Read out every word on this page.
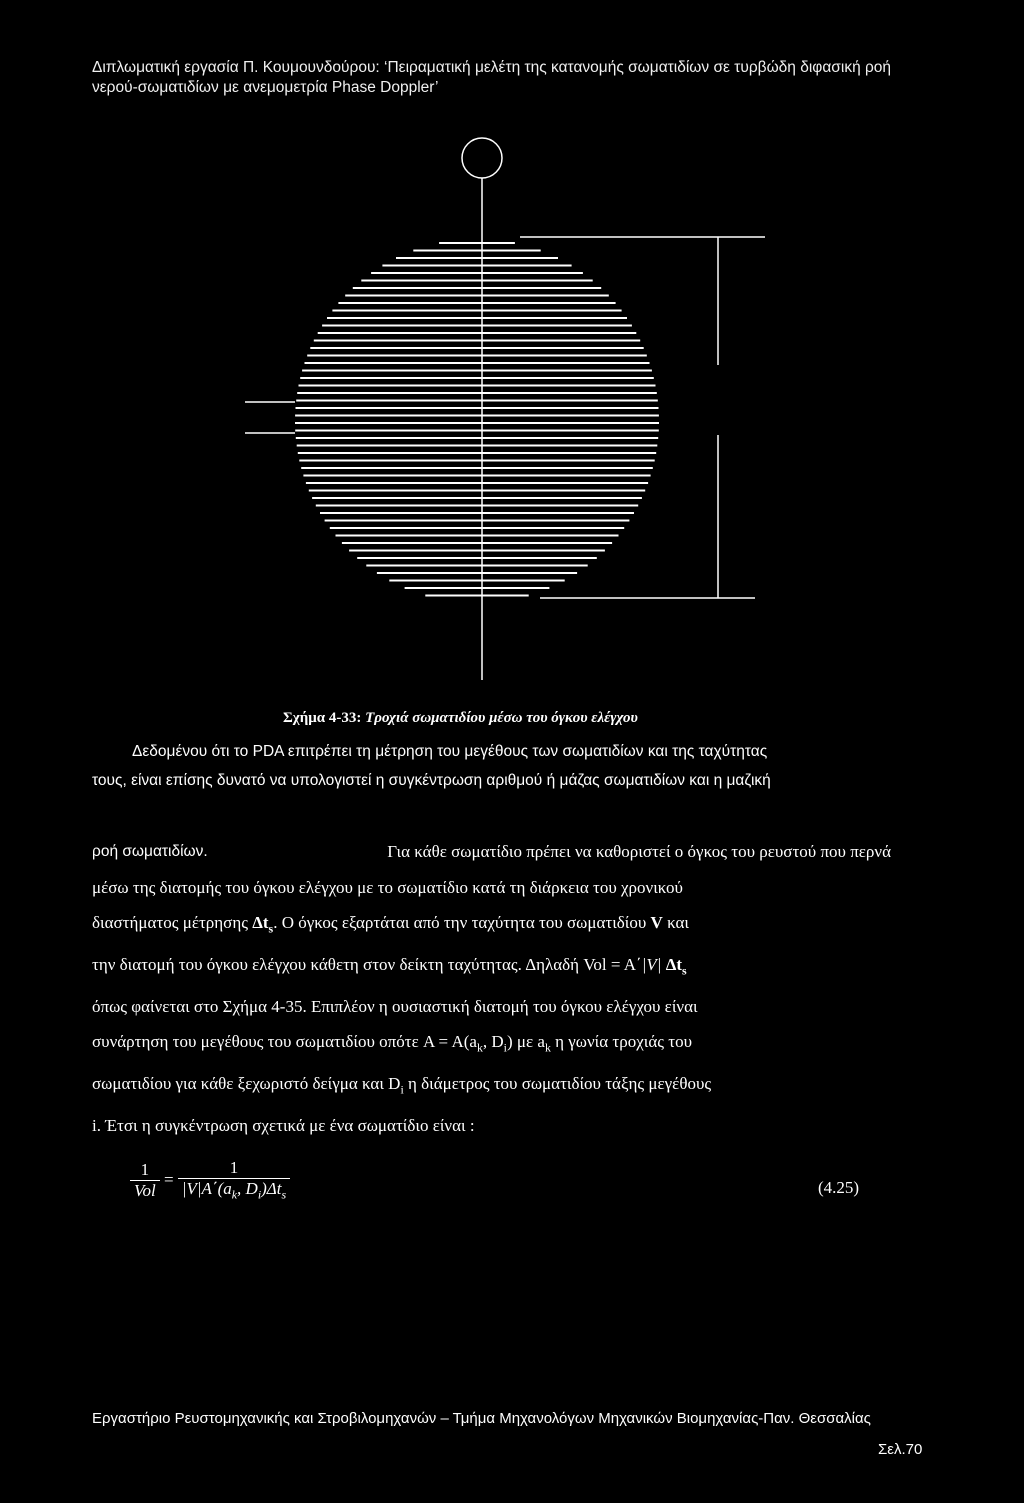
Διπλωματική εργασία Π. Κουμουνδούρου: ‘Πειραματική μελέτη της κατανομής σωματιδίων σε τυρβώδη διφασική ροή
νερού-σωματιδίων με ανεμομετρία Phase Doppler’
Σχήμα 4-33: Τροχιά σωματιδίου μέσω του όγκου ελέγχου
Δεδομένου ότι το PDA επιτρέπει τη μέτρηση του μεγέθους των σωματιδίων και της ταχύτητας
τους, είναι επίσης δυνατό να υπολογιστεί η συγκέντρωση αριθμού ή μάζας σωματιδίων και η μαζική
ροή σωματιδίων.	Για κάθε σωματίδιο πρέπει να καθοριστεί ο όγκος του ρευστού που περνά
μέσω της διατομής του όγκου ελέγχου με το σωματίδιο κατά τη διάρκεια του χρονικού
διαστήματος μέτρησης $\Delta t_s$. Ο όγκος εξαρτάται από την ταχύτητα του σωματιδίου V και
την διατομή του όγκου ελέγχου κάθετη στον δείκτη ταχύτητας. Δηλαδή Vol = A΄|V| $\Delta t_s$
όπως φαίνεται στο Σχήμα 4-35. Επιπλέον η ουσιαστική διατομή του όγκου ελέγχου είναι
συνάρτηση του μεγέθους του σωματιδίου οπότε $A = A(a_k$, $D_i$) με $a_k$ η γωνία τροχιάς του
σωματιδίου για κάθε ξεχωριστό δείγμα και $D_i$ η διάμετρος του σωματιδίου τάξης μεγέθους
i. Έτσι η συγκέντρωση σχετικά με ένα σωματίδιο είναι :
$\frac{1}{\text{Vol}} = \frac{1}{|V|A΄(a_k, D_i)\Delta t_s}$	(4.25)
Εργαστήριο Ρευστομηχανικής και Στροβιλομηχανών – Τμήμα Μηχανολόγων Μηχανικών Βιομηχανίας-Παν. Θεσσαλίας
Σελ.70
